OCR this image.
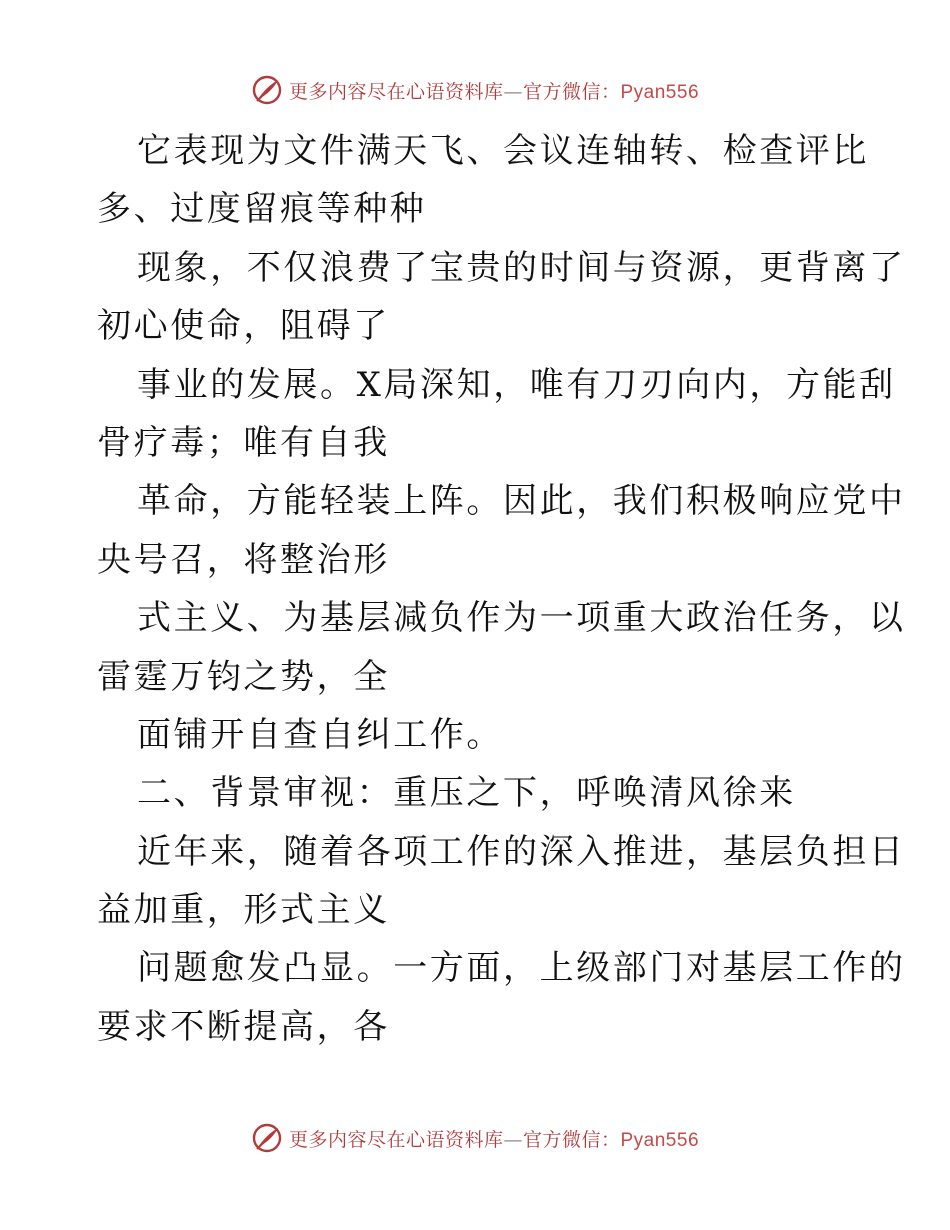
更多内容尽在心语资料库—官方微信：Pyan556
它表现为文件满天飞、会议连轴转、检查评比
多、过度留痕等种种
现象，不仅浪费了宝贵的时间与资源，更背离了
初心使命，阻碍了
事业的发展。X局深知，唯有刀刃向内，方能刮
骨疗毒；唯有自我
革命，方能轻装上阵。因此，我们积极响应党中
央号召，将整治形
式主义、为基层减负作为一项重大政治任务，以
雷霆万钧之势，全
面铺开自查自纠工作。
二、背景审视：重压之下，呼唤清风徐来
近年来，随着各项工作的深入推进，基层负担日
益加重，形式主义
问题愈发凸显。一方面，上级部门对基层工作的
要求不断提高，各
更多内容尽在心语资料库—官方微信：Pyan556
